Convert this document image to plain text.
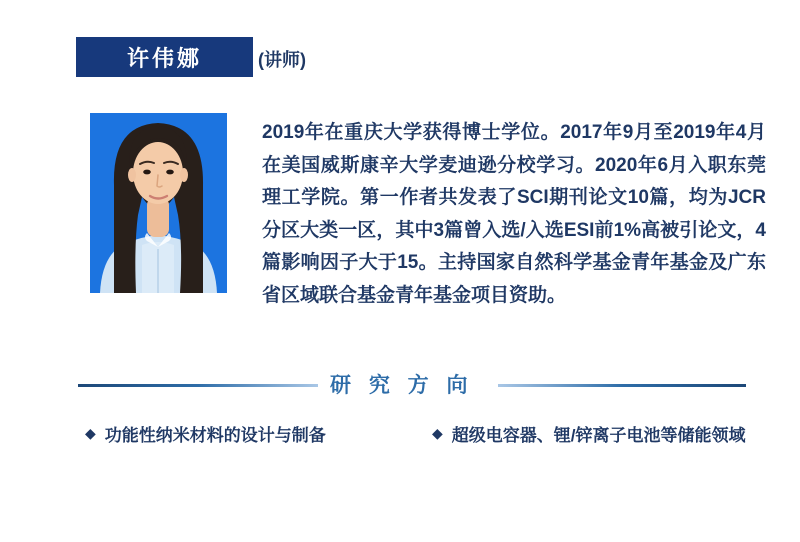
许伟娜	(讲师)

2019年在重庆大学获得博士学位。2017年9月至2019年4月在美国威斯康辛大学麦迪逊分校学习。2020年6月入职东莞理工学院。第一作者共发表了SCI期刊论文10篇，均为JCR分区大类一区，其中3篇曾入选/入选ESI前1%高被引论文，4篇影响因子大于15。主持国家自然科学基金青年基金及广东省区域联合基金青年基金项目资助。

研 究 方 向
◆ 功能性纳米材料的设计与制备	◆ 超级电容器、锂/锌离子电池等储能领域
